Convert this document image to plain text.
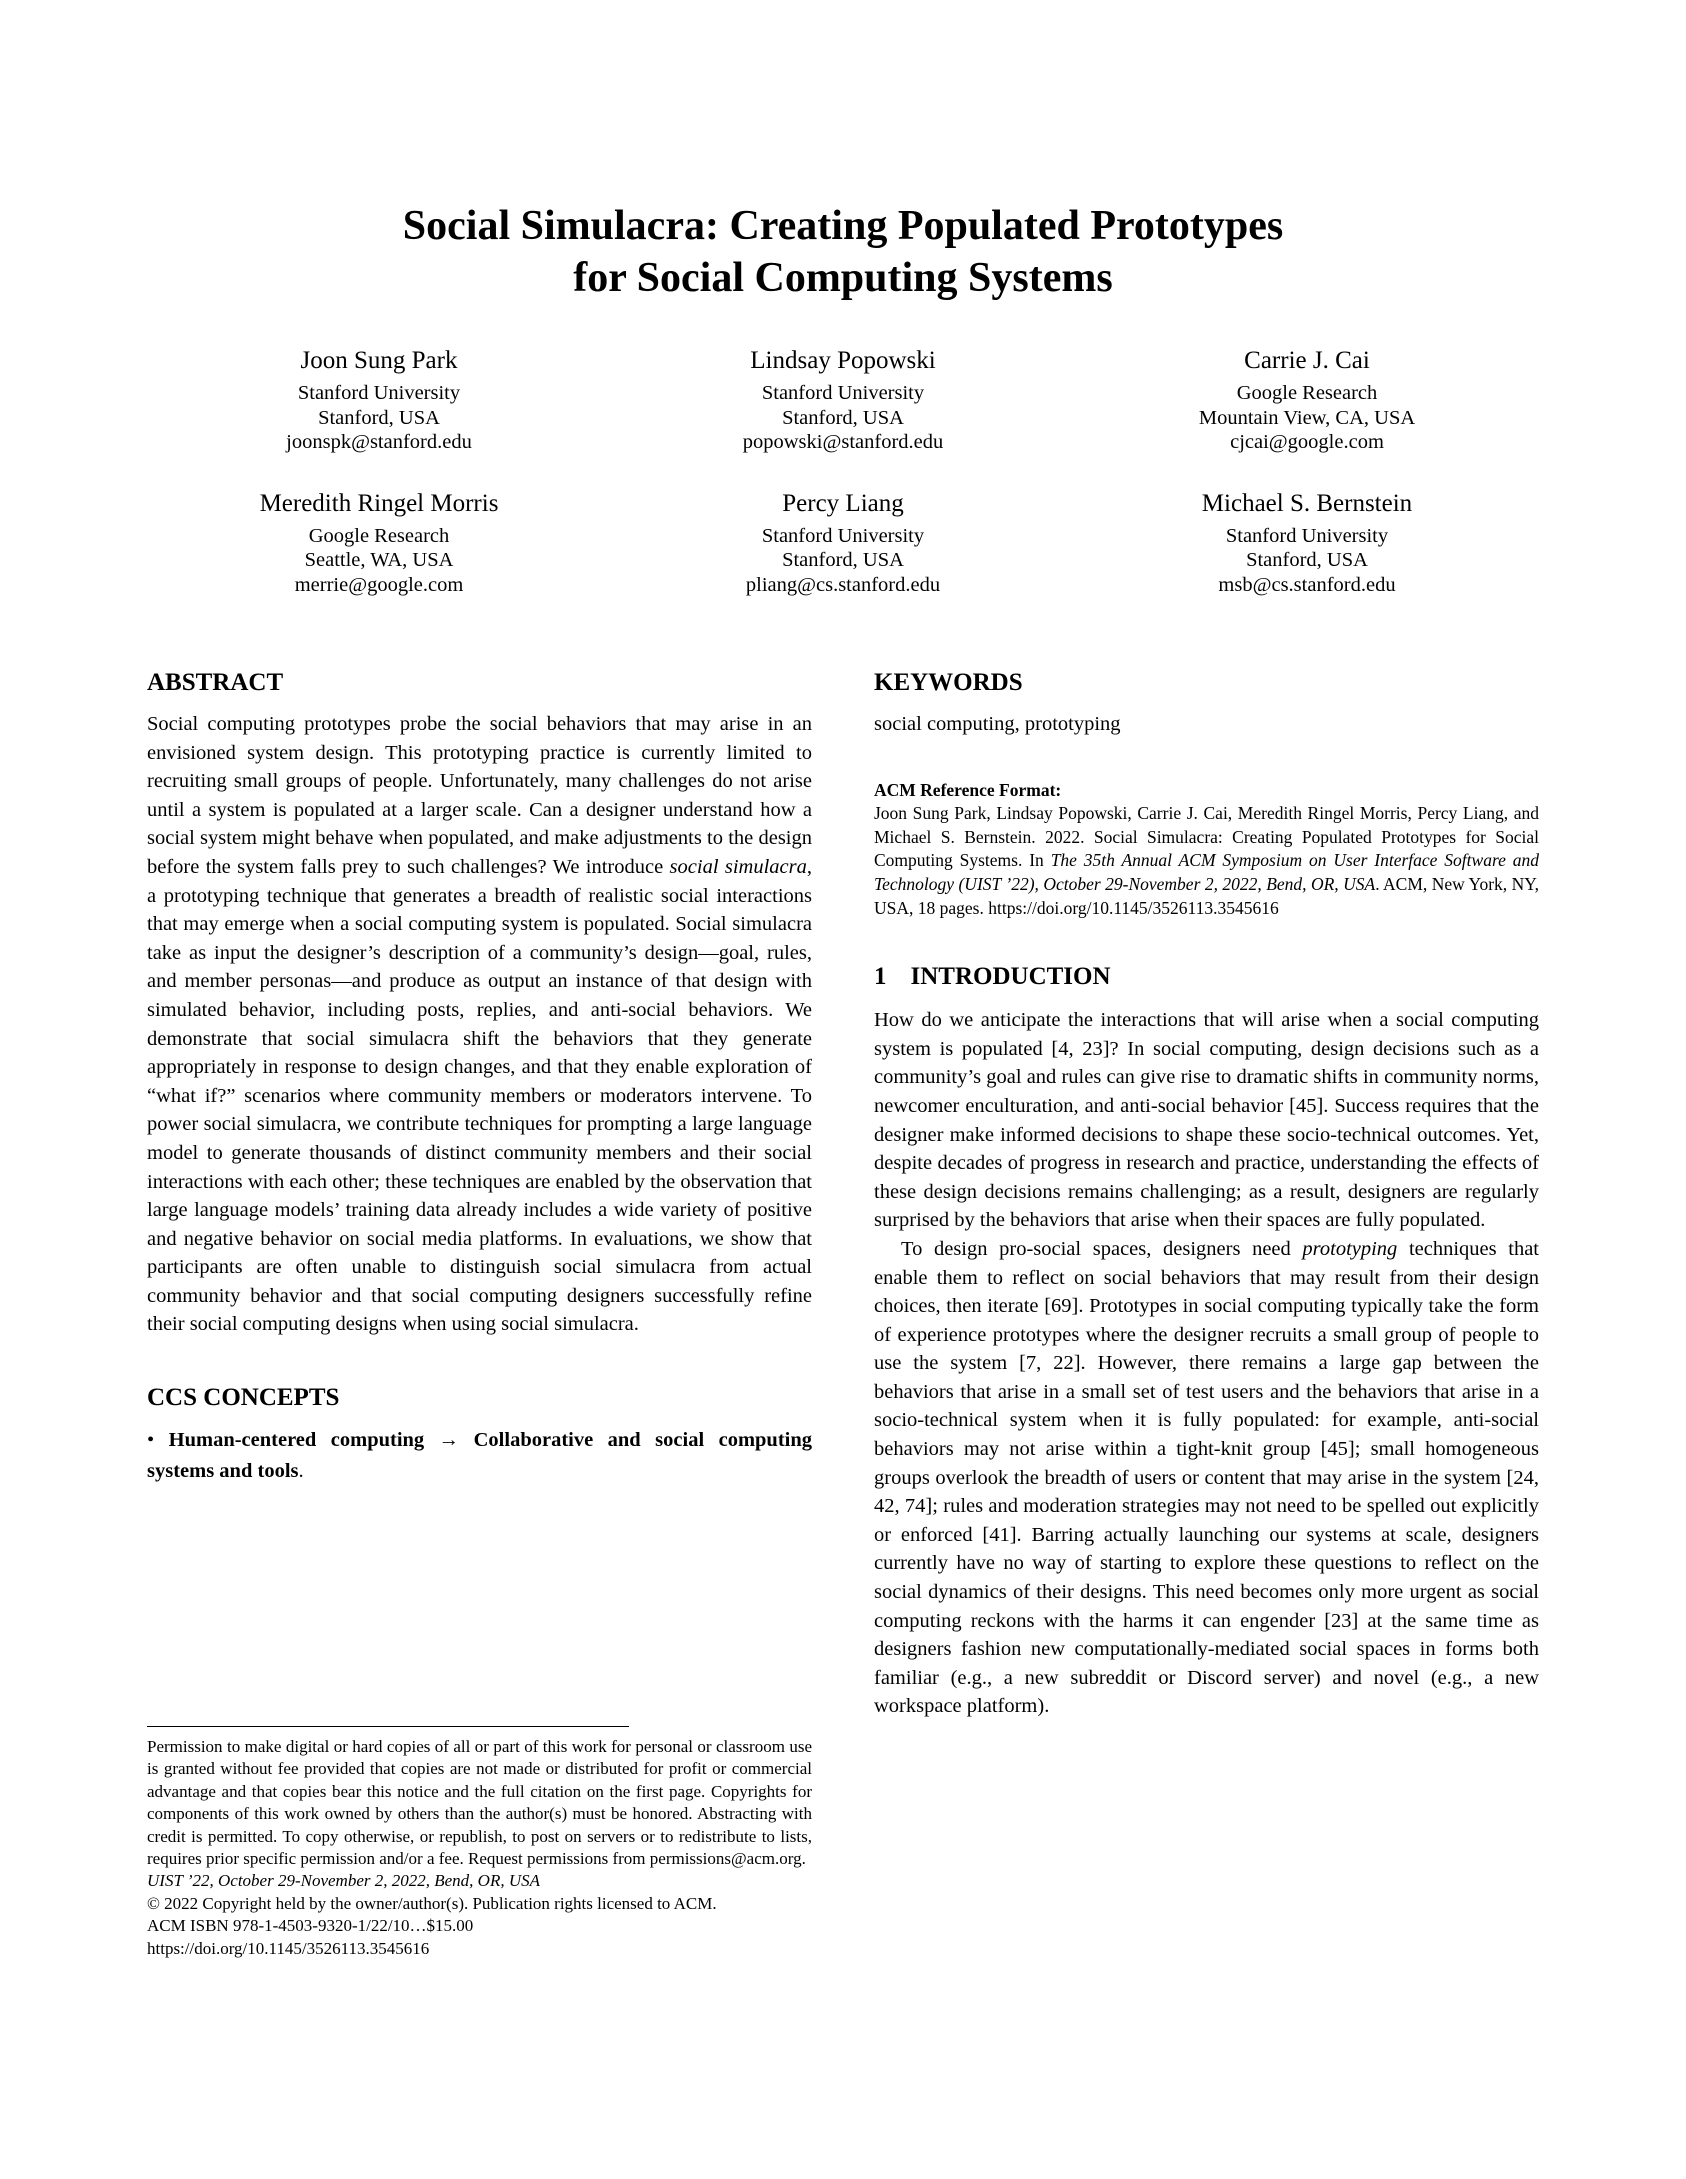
Social Simulacra: Creating Populated Prototypes
for Social Computing Systems
Joon Sung Park
Stanford University
Stanford, USA
joonspk@stanford.edu
Lindsay Popowski
Stanford University
Stanford, USA
popowski@stanford.edu
Carrie J. Cai
Google Research
Mountain View, CA, USA
cjcai@google.com
Meredith Ringel Morris
Google Research
Seattle, WA, USA
merrie@google.com
Percy Liang
Stanford University
Stanford, USA
pliang@cs.stanford.edu
Michael S. Bernstein
Stanford University
Stanford, USA
msb@cs.stanford.edu
ABSTRACT

Social computing prototypes probe the social behaviors that may arise in an envisioned system design. This prototyping practice is currently limited to recruiting small groups of people. Unfortunately, many challenges do not arise until a system is populated at a larger scale. Can a designer understand how a social system might behave when populated, and make adjustments to the design before the system falls prey to such challenges? We introduce social simulacra, a prototyping technique that generates a breadth of realistic social interactions that may emerge when a social computing system is populated. Social simulacra take as input the designer’s description of a community’s design—goal, rules, and member personas—and produce as output an instance of that design with simulated behavior, including posts, replies, and anti-social behaviors. We demonstrate that social simulacra shift the behaviors that they generate appropriately in response to design changes, and that they enable exploration of “what if?” scenarios where community members or moderators intervene. To power social simulacra, we contribute techniques for prompting a large language model to generate thousands of distinct community members and their social interactions with each other; these techniques are enabled by the observation that large language models’ training data already includes a wide variety of positive and negative behavior on social media platforms. In evaluations, we show that participants are often unable to distinguish social simulacra from actual community behavior and that social computing designers successfully refine their social computing designs when using social simulacra.

CCS CONCEPTS

• Human-centered computing → Collaborative and social computing systems and tools.

Permission to make digital or hard copies of all or part of this work for personal or classroom use is granted without fee provided that copies are not made or distributed for profit or commercial advantage and that copies bear this notice and the full citation on the first page. Copyrights for components of this work owned by others than the author(s) must be honored. Abstracting with credit is permitted. To copy otherwise, or republish, to post on servers or to redistribute to lists, requires prior specific permission and/or a fee. Request permissions from permissions@acm.org.

UIST ’22, October 29-November 2, 2022, Bend, OR, USA

© 2022 Copyright held by the owner/author(s). Publication rights licensed to ACM.

ACM ISBN 978-1-4503-9320-1/22/10…$15.00

https://doi.org/10.1145/3526113.3545616

KEYWORDS

social computing, prototyping

ACM Reference Format:

Joon Sung Park, Lindsay Popowski, Carrie J. Cai, Meredith Ringel Morris, Percy Liang, and Michael S. Bernstein. 2022. Social Simulacra: Creating Populated Prototypes for Social Computing Systems. In The 35th Annual ACM Symposium on User Interface Software and Technology (UIST ’22), October 29-November 2, 2022, Bend, OR, USA. ACM, New York, NY, USA, 18 pages. https://doi.org/10.1145/3526113.3545616

1 INTRODUCTION

How do we anticipate the interactions that will arise when a social computing system is populated [4, 23]? In social computing, design decisions such as a community’s goal and rules can give rise to dramatic shifts in community norms, newcomer enculturation, and anti-social behavior [45]. Success requires that the designer make informed decisions to shape these socio-technical outcomes. Yet, despite decades of progress in research and practice, understanding the effects of these design decisions remains challenging; as a result, designers are regularly surprised by the behaviors that arise when their spaces are fully populated.

To design pro-social spaces, designers need prototyping techniques that enable them to reflect on social behaviors that may result from their design choices, then iterate [69]. Prototypes in social computing typically take the form of experience prototypes where the designer recruits a small group of people to use the system [7, 22]. However, there remains a large gap between the behaviors that arise in a small set of test users and the behaviors that arise in a socio-technical system when it is fully populated: for example, anti-social behaviors may not arise within a tight-knit group [45]; small homogeneous groups overlook the breadth of users or content that may arise in the system [24, 42, 74]; rules and moderation strategies may not need to be spelled out explicitly or enforced [41]. Barring actually launching our systems at scale, designers currently have no way of starting to explore these questions to reflect on the social dynamics of their designs. This need becomes only more urgent as social computing reckons with the harms it can engender [23] at the same time as designers fashion new computationally-mediated social spaces in forms both familiar (e.g., a new subreddit or Discord server) and novel (e.g., a new workspace platform).
